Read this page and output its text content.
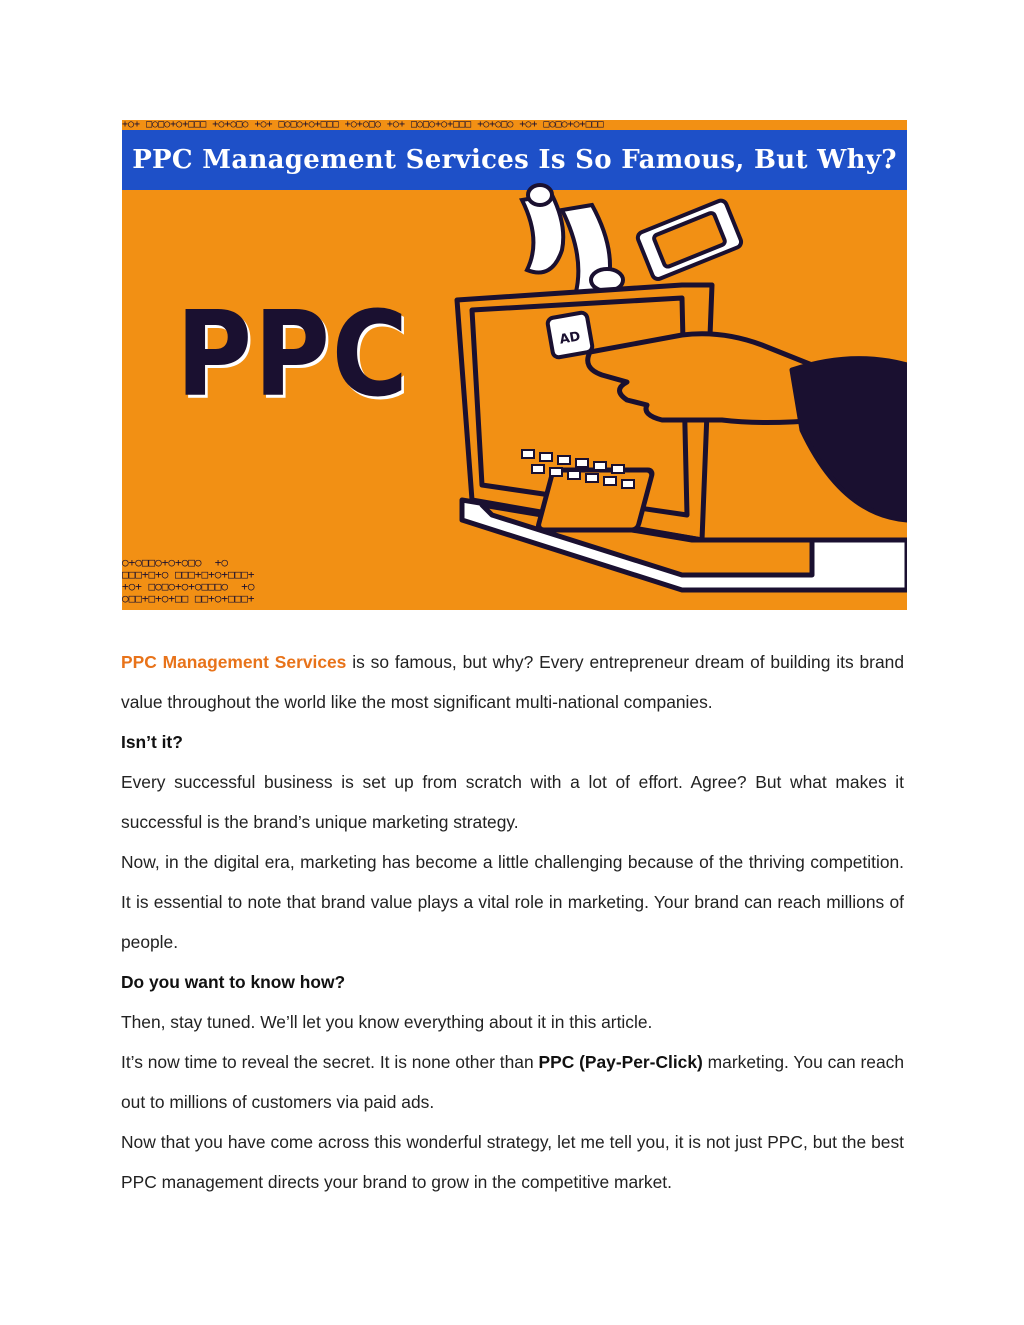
+○+ □○□○+○+□□□ +○+○□○ +○+ □○□○+○+□□□ +○+○□○ +○+ □○□○+○+□□□ +○+○□○ +○+ □○□○+○+□□□
PPC Management Services Is So Famous, But Why?
AD
PPC
○+○□□○+○+○□○  +○
□□□+□+○ □□□+□+○+□□□+
+○+ □○□○+○+○□□□○  +○
○□□+□+○+□□ □□+○+□□□+

PPC Management Services is so famous, but why? Every entrepreneur dream of building its brand value throughout the world like the most significant multi-national companies.

Isn’t it?

Every successful business is set up from scratch with a lot of effort. Agree? But what makes it successful is the brand’s unique marketing strategy.

Now, in the digital era, marketing has become a little challenging because of the thriving competition. It is essential to note that brand value plays a vital role in marketing. Your brand can reach millions of people.

Do you want to know how?

Then, stay tuned. We’ll let you know everything about it in this article.

It’s now time to reveal the secret. It is none other than PPC (Pay-Per-Click) marketing. You can reach out to millions of customers via paid ads.

Now that you have come across this wonderful strategy, let me tell you, it is not just PPC, but the best PPC management directs your brand to grow in the competitive market.
